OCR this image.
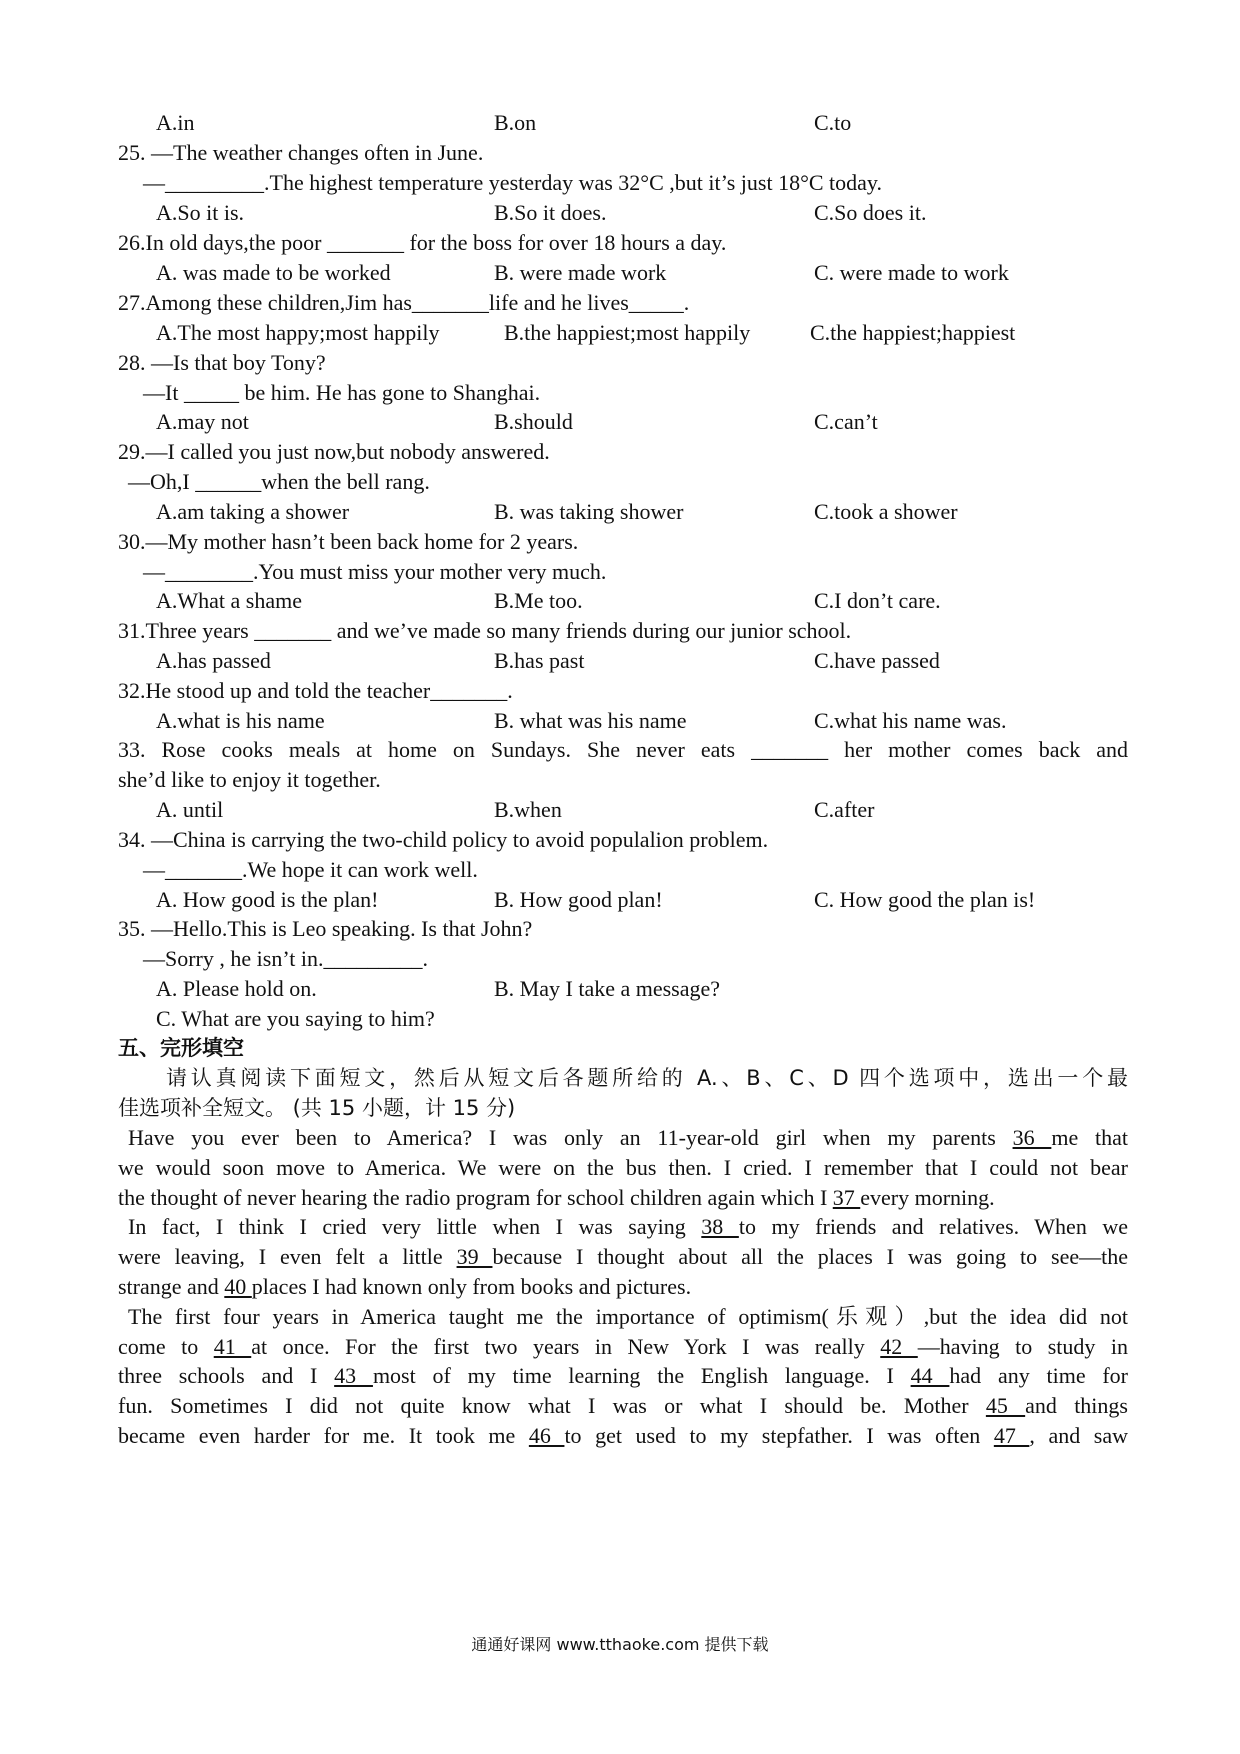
A.in	B.on	C.to
25. —The weather changes often in June.
—_________.The highest temperature yesterday was 32°C ,but it’s just 18°C today.
A.So it is.	B.So it does.	C.So does it.
26.In old days,the poor _______ for the boss for over 18 hours a day.
A. was made to be worked	B. were made work	C. were made to work
27.Among these children,Jim has_______life and he lives_____.
A.The most happy;most happily	B.the happiest;most happily	C.the happiest;happiest
28. —Is that boy Tony?
—It _____ be him. He has gone to Shanghai.
A.may not	B.should	C.can’t
29.—I called you just now,but nobody answered.
—Oh,I ______when the bell rang.
A.am taking a shower	B. was taking shower	C.took a shower
30.—My mother hasn’t been back home for 2 years.
—________.You must miss your mother very much.
A.What a shame	B.Me too.	C.I don’t care.
31.Three years _______ and we’ve made so many friends during our junior school.
A.has passed	B.has past	C.have passed
32.He stood up and told the teacher_______.
A.what is his name	B. what was his name	C.what his name was.
33. Rose cooks meals at home on Sundays. She never eats _______ her mother comes back and
she’d like to enjoy it together.
A. until	B.when	C.after
34. —China is carrying the two-child policy to avoid populalion problem.
—_______.We hope it can work well.
A. How good is the plan!	B. How good plan!	C. How good the plan is!
35. —Hello.This is Leo speaking. Is that John?
—Sorry , he isn’t in._________.
A. Please hold on.	B. May I take a message?
C. What are you saying to him?
五、完形填空
请认真阅读下面短文，然后从短文后各题所给的 A.、B、C、D 四个选项中，选出一个最
佳选项补全短文。 (共 15 小题，计 15 分)
Have you ever been to America? I was only an 11-year-old girl when my parents 36 me that
we would soon move to America. We were on the bus then. I cried. I remember that I could not bear
the thought of never hearing the radio program for school children again which I 37 every morning.
In fact, I think I cried very little when I was saying 38 to my friends and relatives. When we
were leaving, I even felt a little 39 because I thought about all the places I was going to see—the
strange and 40 places I had known only from books and pictures.
The first four years in America taught me the importance of optimism(乐观）,but the idea did not
come to 41 at once. For the first two years in New York I was really 42 —having to study in
three schools and I 43 most of my time learning the English language. I 44 had any time for
fun. Sometimes I did not quite know what I was or what I should be. Mother 45 and things
became even harder for me. It took me 46 to get used to my stepfather. I was often 47 , and saw
通通好课网 www.tthaoke.com 提供下载
